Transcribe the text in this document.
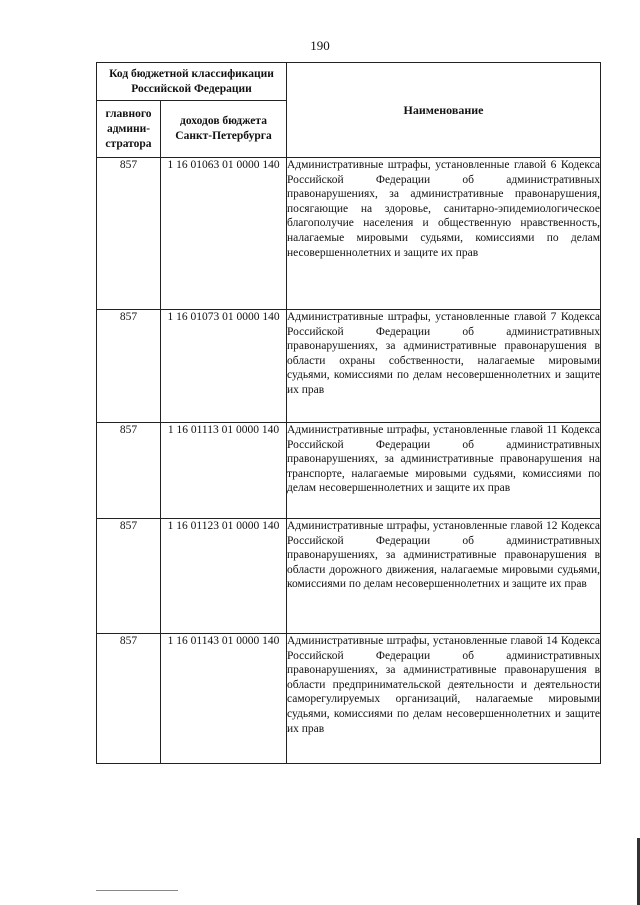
190
Код бюджетной классификации Российской Федерации		Наименование
главного админи-стратора	доходов бюджета Санкт-Петербурга	
857	1 16 01063 01 0000 140	Административные штрафы, установленные главой 6 Кодекса Российской Федерации об административных правонарушениях, за административные правонарушения, посягающие на здоровье, санитарно-эпидемиологическое благополучие населения и общественную нравственность, налагаемые мировыми судьями, комиссиями по делам несовершеннолетних и защите их прав
857	1 16 01073 01 0000 140	Административные штрафы, установленные главой 7 Кодекса Российской Федерации об административных правонарушениях, за административные правонарушения в области охраны собственности, налагаемые мировыми судьями, комиссиями по делам несовершеннолетних и защите их прав
857	1 16 01113 01 0000 140	Административные штрафы, установленные главой 11 Кодекса Российской Федерации об административных правонарушениях, за административные правонарушения на транспорте, налагаемые мировыми судьями, комиссиями по делам несовершеннолетних и защите их прав
857	1 16 01123 01 0000 140	Административные штрафы, установленные главой 12 Кодекса Российской Федерации об административных правонарушениях, за административные правонарушения в области дорожного движения, налагаемые мировыми судьями, комиссиями по делам несовершеннолетних и защите их прав
857	1 16 01143 01 0000 140	Административные штрафы, установленные главой 14 Кодекса Российской Федерации об административных правонарушениях, за административные правонарушения в области предпринимательской деятельности и деятельности саморегулируемых организаций, налагаемые мировыми судьями, комиссиями по делам несовершеннолетних и защите их прав
